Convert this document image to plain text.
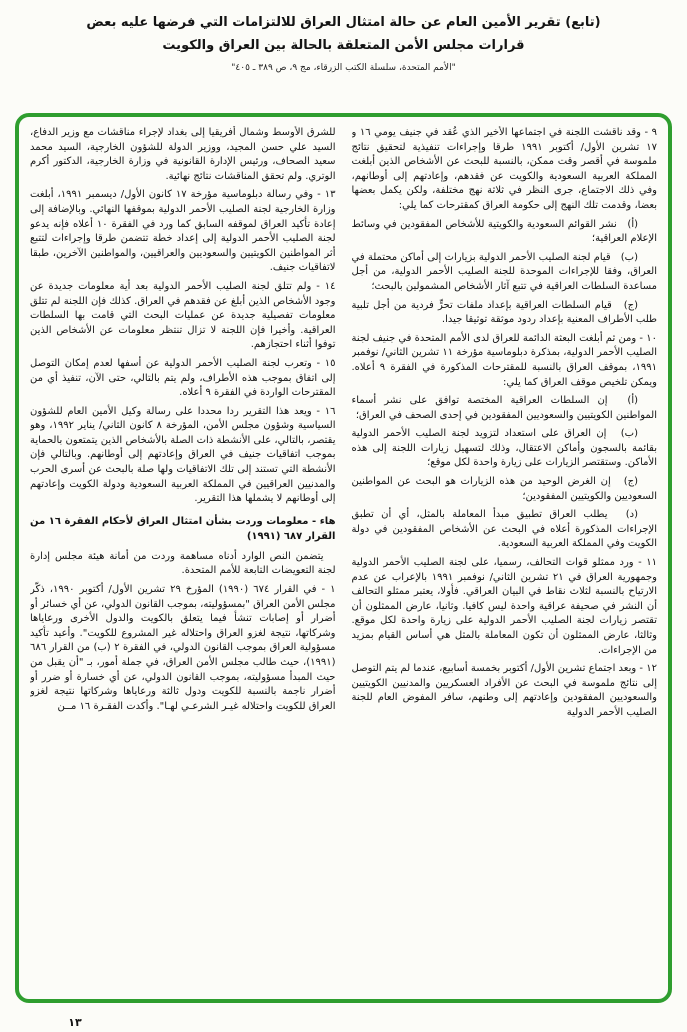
(تابع) تقرير الأمين العام عن حالة امتثال العراق للالتزامات التي فرضها عليه بعض
قرارات مجلس الأمن المتعلقة بالحالة بين العراق والكويت
"الأمم المتحدة، سلسلة الكتب الزرقاء، مج ٩، ص ٣٨٩ ـ ٤٠٥"

٩ - وقد ناقشت اللجنة في اجتماعها الأخير الذي عُقد في جنيف يومي ١٦ و ١٧ تشرين الأول/ أكتوبر ١٩٩١ طرقا وإجراءات تنفيذية لتحقيق نتائج ملموسة في أقصر وقت ممكن، بالنسبة للبحث عن الأشخاص الذين أبلغت المملكة العربية السعودية والكويت عن فقدهم، وإعادتهم إلى أوطانهم، وفي ذلك الاجتماع، جرى النظر في ثلاثة نهج مختلفة، ولكن يكمل بعضها بعضا، وقدمت تلك النهج إلى حكومة العراق كمقترحات كما يلي:

(أ)　نشر القوائم السعودية والكويتية للأشخاص المفقودين في وسائط الإعلام العراقية؛

(ب)　قيام لجنة الصليب الأحمر الدولية بزيارات إلى أماكن محتملة في العراق، وفقا للإجراءات الموحدة للجنة الصليب الأحمر الدولية، من أجل مساعدة السلطات العراقية في تتبع آثار الأشخاص المشمولين بالبحث؛

(ج)　قيام السلطات العراقية بإعداد ملفات تحرٍّ فردية من أجل تلبية طلب الأطراف المعنية بإعداد ردود موثقة توثيقا جيدا.

١٠ - ومن ثم أبلغت البعثة الدائمة للعراق لدى الأمم المتحدة في جنيف لجنة الصليب الأحمر الدولية، بمذكرة دبلوماسية مؤرخة ١١ تشرين الثاني/ نوفمبر ١٩٩١، بموقف العراق بالنسبة للمقترحات المذكورة في الفقرة ٩ أعلاه. ويمكن تلخيص موقف العراق كما يلي:

(أ)　إن السلطات العراقية المختصة توافق على نشر أسماء المواطنين الكويتيين والسعوديين المفقودين في إحدى الصحف في العراق؛

(ب)　إن العراق على استعداد لتزويد لجنة الصليب الأحمر الدولية بقائمة بالسجون وأماكن الاعتقال، وذلك لتسهيل زيارات اللجنة إلى هذه الأماكن. وستقتصر الزيارات على زيارة واحدة لكل موقع؛

(ج)　إن الغرض الوحيد من هذه الزيارات هو البحث عن المواطنين السعوديين والكويتيين المفقودين؛

(د)　يطلب العراق تطبيق مبدأ المعاملة بالمثل، أي أن تطبق الإجراءات المذكورة أعلاه في البحث عن الأشخاص المفقودين في دولة الكويت وفي المملكة العربية السعودية.

١١ - ورد ممثلو قوات التحالف، رسميا، على لجنة الصليب الأحمر الدولية وجمهورية العراق في ٢١ تشرين الثاني/ نوفمبر ١٩٩١ بالإعراب عن عدم الارتياح بالنسبة لثلاث نقاط في البيان العراقي. فأولا، يعتبر ممثلو التحالف أن النشر في صحيفة عراقية واحدة ليس كافيا. وثانيا، عارض الممثلون أن تقتصر زيارات لجنة الصليب الأحمر الدولية على زيارة واحدة لكل موقع. وثالثا، عارض الممثلون أن تكون المعاملة بالمثل هي أساس القيام بمزيد من الإجراءات.

١٢ - وبعد اجتماع تشرين الأول/ أكتوبر بخمسة أسابيع، عندما لم يتم التوصل إلى نتائج ملموسة في البحث عن الأفراد العسكريين والمدنيين الكويتيين والسعوديين المفقودين وإعادتهم إلى وطنهم، سافر المفوض العام للجنة الصليب الأحمر الدولية

للشرق الأوسط وشمال أفريقيا إلى بغداد لإجراء مناقشات مع وزير الدفاع، السيد علي حسن المجيد، ووزير الدولة للشؤون الخارجية، السيد محمد سعيد الصحاف، ورئيس الإدارة القانونية في وزارة الخارجية، الدكتور أكرم الوتري. ولم تحقق المناقشات نتائج نهائية.

١٣ - وفي رسالة دبلوماسية مؤرخة ١٧ كانون الأول/ ديسمبر ١٩٩١، أبلغت وزارة الخارجية لجنة الصليب الأحمر الدولية بموقفها النهائي. وبالإضافة إلى إعادة تأكيد العراق لموقفه السابق كما ورد في الفقرة ١٠ أعلاه فإنه يدعو لجنة الصليب الأحمر الدولية إلى إعداد خطة تتضمن طرقا وإجراءات لتتبع أثر المواطنين الكويتيين والسعوديين والعراقيين، والمواطنين الآخرين، طبقا لاتفاقيات جنيف.

١٤ - ولم تتلق لجنة الصليب الأحمر الدولية بعد أية معلومات جديدة عن وجود الأشخاص الذين أبلغ عن فقدهم في العراق. كذلك فإن اللجنة لم تتلق معلومات تفصيلية جديدة عن عمليات البحث التي قامت بها السلطات العراقية. وأخيرا فإن اللجنة لا تزال تنتظر معلومات عن الأشخاص الذين توفوا أثناء احتجازهم.

١٥ - وتعرب لجنة الصليب الأحمر الدولية عن أسفها لعدم إمكان التوصل إلى اتفاق بموجب هذه الأطراف، ولم يتم بالتالي، حتى الآن، تنفيذ أي من المقترحات الواردة في الفقرة ٩ أعلاه.

١٦ - ويعد هذا التقرير ردا محددا على رسالة وكيل الأمين العام للشؤون السياسية وشؤون مجلس الأمن، المؤرخة ٨ كانون الثاني/ يناير ١٩٩٢، وهو يقتصر، بالتالي، على الأنشطة ذات الصلة بالأشخاص الذين يتمتعون بالحماية بموجب اتفاقيات جنيف في العراق وإعادتهم إلى أوطانهم. وبالتالي فإن الأنشطة التي تستند إلى تلك الاتفاقيات ولها صلة بالبحث عن أسرى الحرب والمدنيين العراقيين في المملكة العربية السعودية ودولة الكويت وإعادتهم إلى أوطانهم لا يشملها هذا التقرير.

هاء - معلومات وردت بشأن امتثال العراق لأحكام الفقرة ١٦ من القرار ٦٨٧ (١٩٩١)

يتضمن النص الوارد أدناه مساهمة وردت من أمانة هيئة مجلس إدارة لجنة التعويضات التابعة للأمم المتحدة.

١ - في القرار ٦٧٤ (١٩٩٠) المؤرخ ٢٩ تشرين الأول/ أكتوبر ١٩٩٠، ذكّر مجلس الأمن العراق "بمسؤوليته، بموجب القانون الدولي، عن أي خسائر أو أضرار أو إصابات تنشأ فيما يتعلق بالكويت والدول الأخرى ورعاياها وشركاتها، نتيجة لغزو العراق واحتلاله غير المشروع للكويت". وأعيد تأكيد مسؤولية العراق بموجب القانون الدولي، في الفقرة ٢ (ب) من القرار ٦٨٦ (١٩٩١)، حيث طالب مجلس الأمن العراق، في جملة أمور، بـ "أن يقبل من حيث المبدأ مسؤوليته، بموجب القانون الدولي، عن أي خسارة أو ضرر أو أضرار ناجمة بالنسبة للكويت ودول ثالثة ورعاياها وشركاتها نتيجة لغزو العراق للكويت واحتلاله غيـر الشرعـي لهـا". وأكدت الفقـرة ١٦ مــن

١٣
